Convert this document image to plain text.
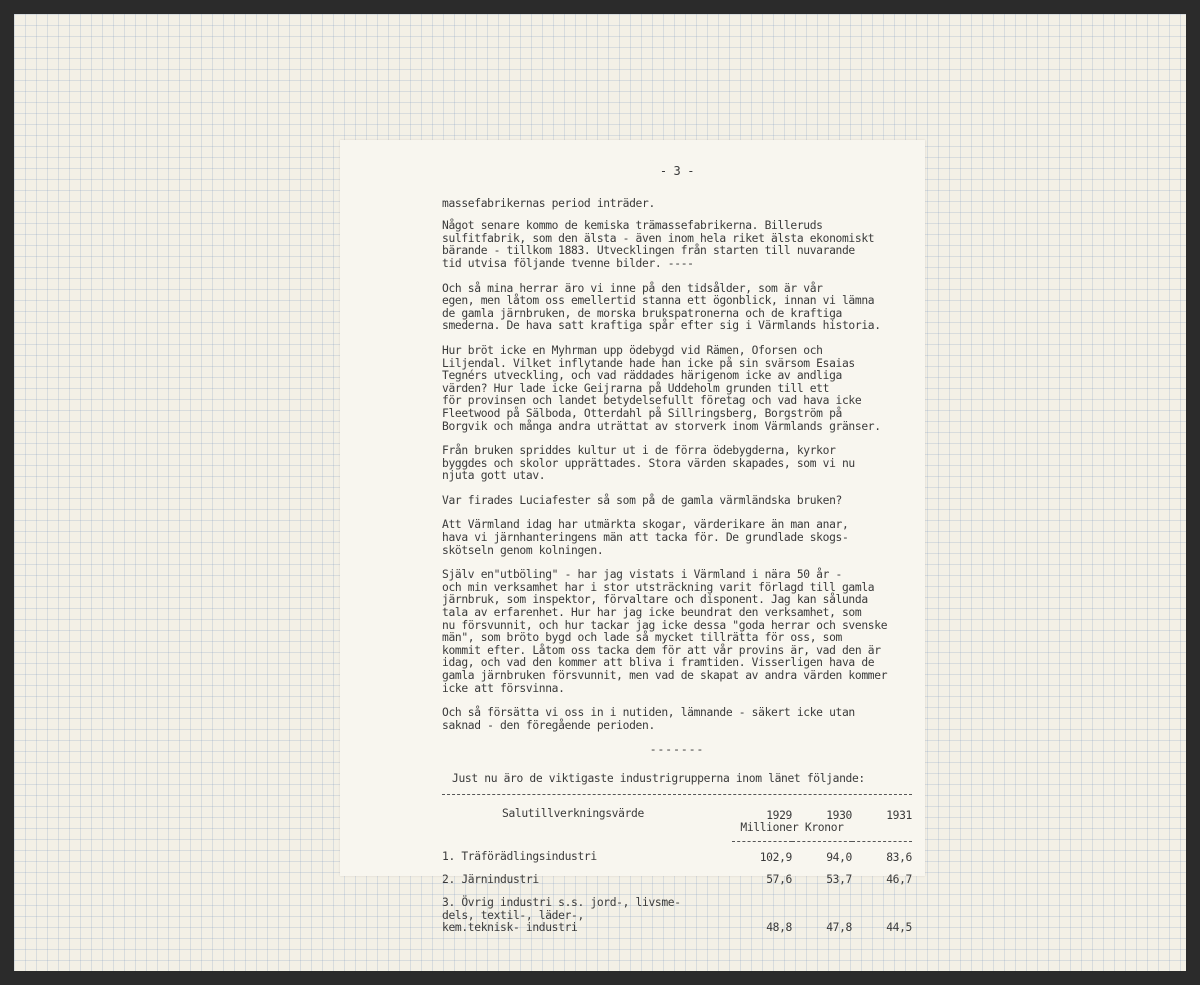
- 3 -

massefabrikernas period inträder.

Något senare kommo de kemiska trämassefabrikerna. Billeruds
sulfitfabrik, som den älsta - även inom hela riket älsta ekonomiskt
bärande - tillkom 1883. Utvecklingen från starten till nuvarande
tid utvisa följande tvenne bilder. ----

Och så mina herrar äro vi inne på den tidsålder, som är vår
egen, men låtom oss emellertid stanna ett ögonblick, innan vi lämna
de gamla järnbruken, de morska brukspatronerna och de kraftiga
smederna. De hava satt kraftiga spår efter sig i Värmlands historia.

Hur bröt icke en Myhrman upp ödebygd vid Rämen, Oforsen och
Liljendal. Vilket inflytande hade han icke på sin svärsom Esaias
Tegnérs utveckling, och vad räddades härigenom icke av andliga
värden? Hur lade icke Geijrarna på Uddeholm grunden till ett
för provinsen och landet betydelsefullt företag och vad hava icke
Fleetwood på Sälboda, Otterdahl på Sillringsberg, Borgström på
Borgvik och många andra uträttat av storverk inom Värmlands gränser.

Från bruken spriddes kultur ut i de förra ödebygderna, kyrkor
byggdes och skolor upprättades. Stora värden skapades, som vi nu
njuta gott utav.

Var firades Luciafester så som på de gamla värmländska bruken?

Att Värmland idag har utmärkta skogar, värderikare än man anar,
hava vi järnhanteringens män att tacka för. De grundlade skogs-
skötseln genom kolningen.

Själv en"utböling" - har jag vistats i Värmland i nära 50 år -
och min verksamhet har i stor utsträckning varit förlagd till gamla
järnbruk, som inspektor, förvaltare och disponent. Jag kan sålunda
tala av erfarenhet. Hur har jag icke beundrat den verksamhet, som
nu försvunnit, och hur tackar jag icke dessa "goda herrar och svenske
män", som bröto bygd och lade så mycket tillrätta för oss, som
kommit efter. Låtom oss tacka dem för att vår provins är, vad den är
idag, och vad den kommer att bliva i framtiden. Visserligen hava de
gamla järnbruken försvunnit, men vad de skapat av andra värden kommer
icke att försvinna.

Och så försätta vi oss in i nutiden, lämnande - säkert icke utan
saknad - den föregående perioden.

-------
Just nu äro de viktigaste industrigrupperna inom länet följande:
Salutillverkningsvärde	1929	1930	1931
	Millioner Kronor		
1. Träförädlingsindustri	102,9	94,0	83,6
2. Järnindustri	57,6	53,7	46,7
3. Övrig industri s.s. jord-, livsme-
dels, textil-, läder-,
kem.teknisk- industri	48,8	47,8	44,5
